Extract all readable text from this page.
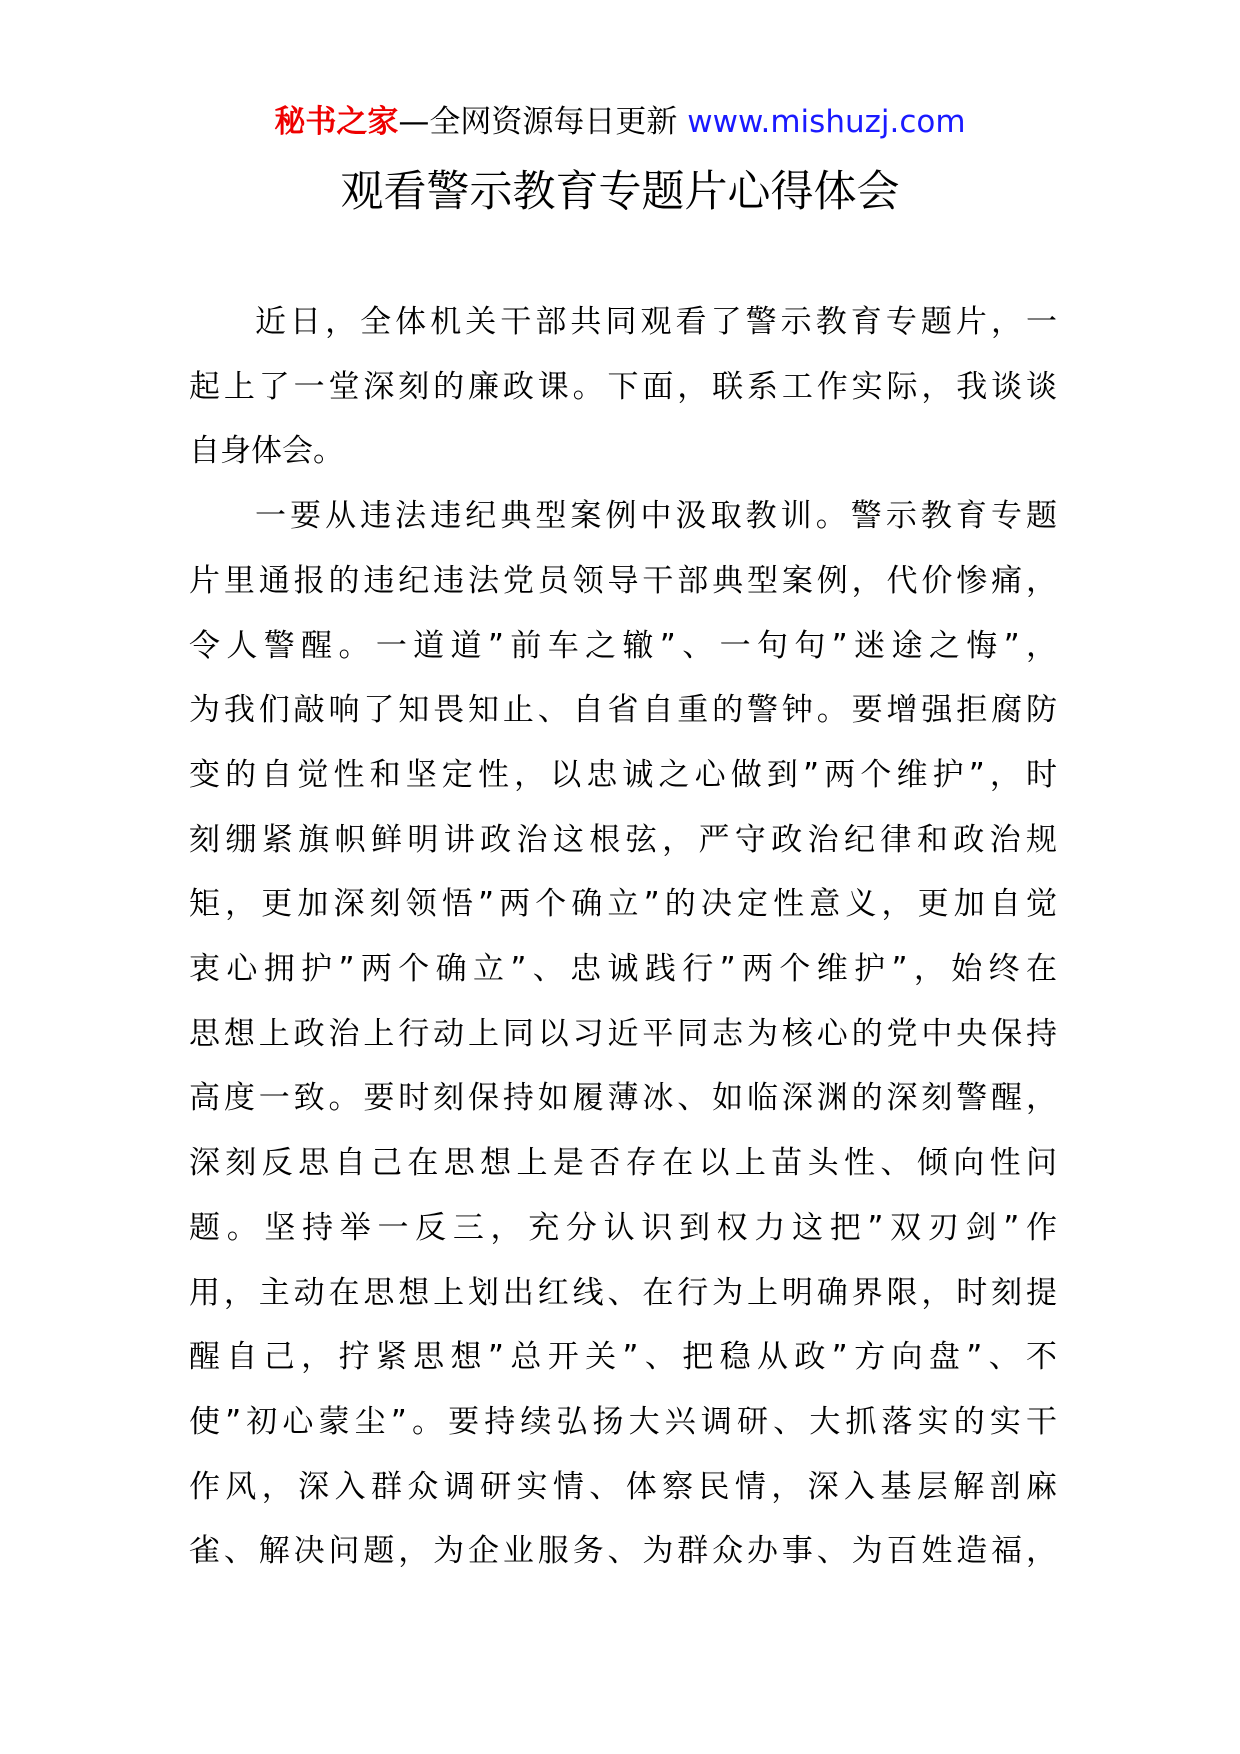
秘书之家—全网资源每日更新 www.mishuzj.com
观看警示教育专题片心得体会

近日，全体机关干部共同观看了警示教育专题片，一
起上了一堂深刻的廉政课。下面，联系工作实际，我谈谈
自身体会。

一要从违法违纪典型案例中汲取教训。警示教育专题
片里通报的违纪违法党员领导干部典型案例，代价惨痛，
令人警醒。一道道”前车之辙”、一句句”迷途之悔”，
为我们敲响了知畏知止、自省自重的警钟。要增强拒腐防
变的自觉性和坚定性，以忠诚之心做到”两个维护”，时
刻绷紧旗帜鲜明讲政治这根弦，严守政治纪律和政治规
矩，更加深刻领悟”两个确立”的决定性意义，更加自觉
衷心拥护”两个确立”、忠诚践行”两个维护”，始终在
思想上政治上行动上同以习近平同志为核心的党中央保持
高度一致。要时刻保持如履薄冰、如临深渊的深刻警醒，
深刻反思自己在思想上是否存在以上苗头性、倾向性问
题。坚持举一反三，充分认识到权力这把”双刃剑”作
用，主动在思想上划出红线、在行为上明确界限，时刻提
醒自己，拧紧思想”总开关”、把稳从政”方向盘”、不
使”初心蒙尘”。要持续弘扬大兴调研、大抓落实的实干
作风，深入群众调研实情、体察民情，深入基层解剖麻
雀、解决问题，为企业服务、为群众办事、为百姓造福，
